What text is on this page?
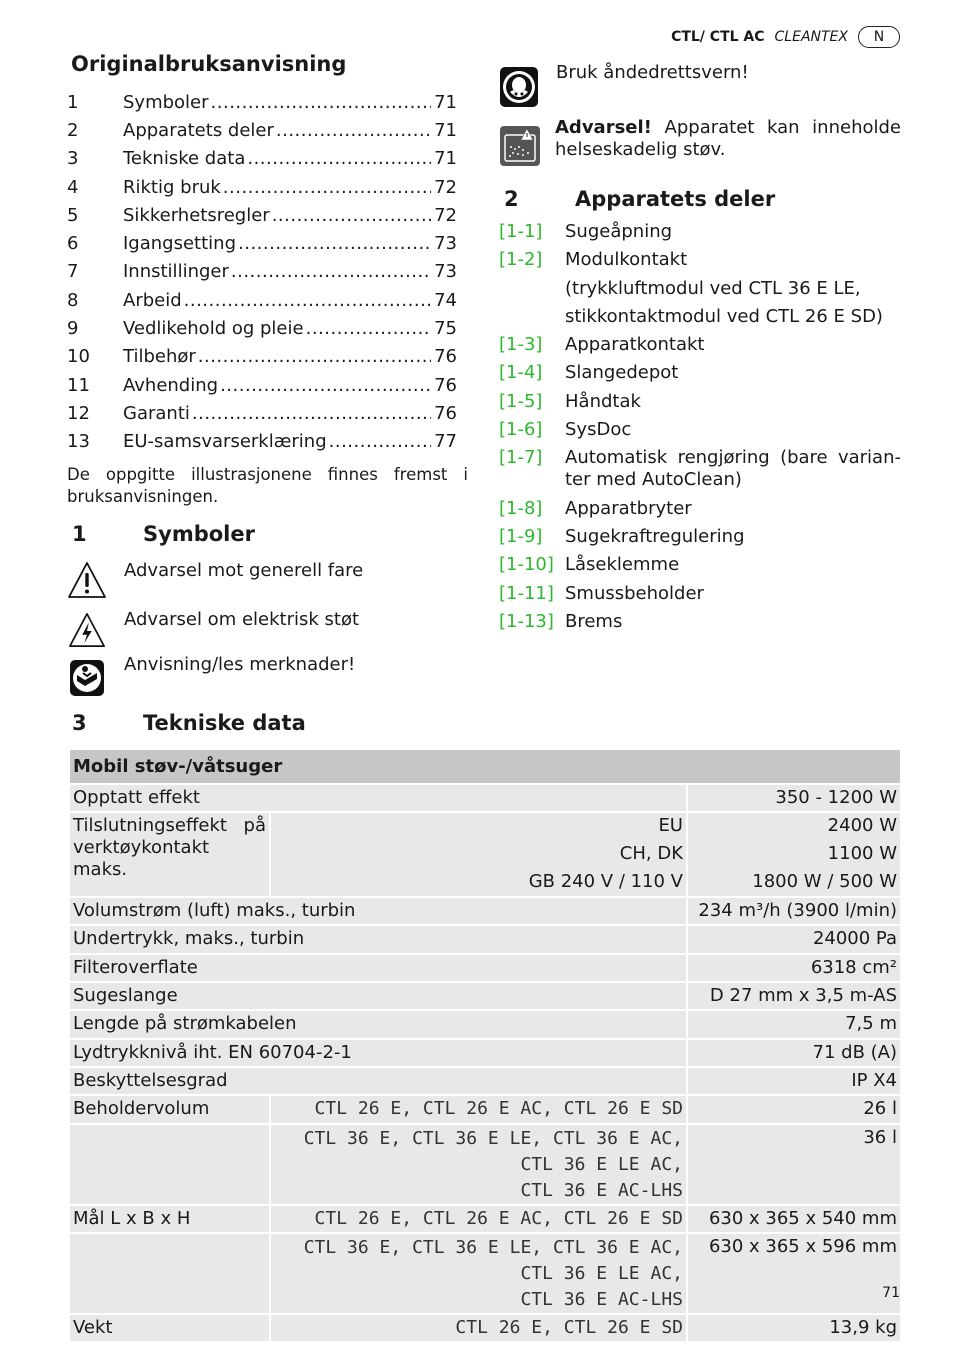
CTL/ CTL AC CLEANTEX	N
Originalbruksanvisning
1	Symboler .....	71
2	Apparatets deler .....	71
3	Tekniske data .....	71
4	Riktig bruk .....	72
5	Sikkerhetsregler .....	72
6	Igangsetting .....	73
7	Innstillinger .....	73
8	Arbeid .....	74
9	Vedlikehold og pleie .....	75
10	Tilbehør .....	76
11	Avhending .....	76
12	Garanti .....	76
13	EU-samsvarserklæring .....	77
De oppgitte illustrasjonene finnes fremst i bruksanvisningen.
1	Symboler
Advarsel mot generell fare
Advarsel om elektrisk støt
Anvisning/les merknader!
Bruk åndedrettsvern!
Advarsel! Apparatet kan inneholde helseskadelig støv.
2	Apparatets deler
[1-1]	Sugeåpning
[1-2]	Modulkontakt
(trykkluftmodul ved CTL 36 E LE,
stikkontaktmodul ved CTL 26 E SD)
[1-3]	Apparatkontakt
[1-4]	Slangedepot
[1-5]	Håndtak
[1-6]	SysDoc
[1-7]	Automatisk rengjøring (bare varian-ter med AutoClean)
[1-8]	Apparatbryter
[1-9]	Sugekraftregulering
[1-10] Låseklemme
[1-11] Smussbeholder
[1-13] Brems
3	Tekniske data
Mobil støv-/våtsuger		
Opptatt effekt		350 - 1200 W
Tilslutningseffekt på verktøykontakt maks.	EU	2400 W
	CH, DK	1100 W
	GB 240 V / 110 V	1800 W / 500 W
Volumstrøm (luft) maks., turbin		234 m³/h (3900 l/min)
Undertrykk, maks., turbin		24000 Pa
Filteroverflate		6318 cm²
Sugeslange		D 27 mm x 3,5 m-AS
Lengde på strømkabelen		7,5 m
Lydtrykknivå iht. EN 60704-2-1		71 dB (A)
Beskyttelsesgrad		IP X4
Beholdervolum	CTL 26 E, CTL 26 E AC, CTL 26 E SD	26 l

	CTL 36 E, CTL 36 E LE, CTL 36 E AC, CTL 36 E LE AC,
CTL 36 E AC-LHS	36 l
Mål L x B x H	CTL 26 E, CTL 26 E AC, CTL 26 E SD	630 x 365 x 540 mm

	CTL 36 E, CTL 36 E LE, CTL 36 E AC, CTL 36 E LE AC,
CTL 36 E AC-LHS	630 x 365 x 596 mm
Vekt	CTL 26 E, CTL 26 E SD	13,9 kg
71
